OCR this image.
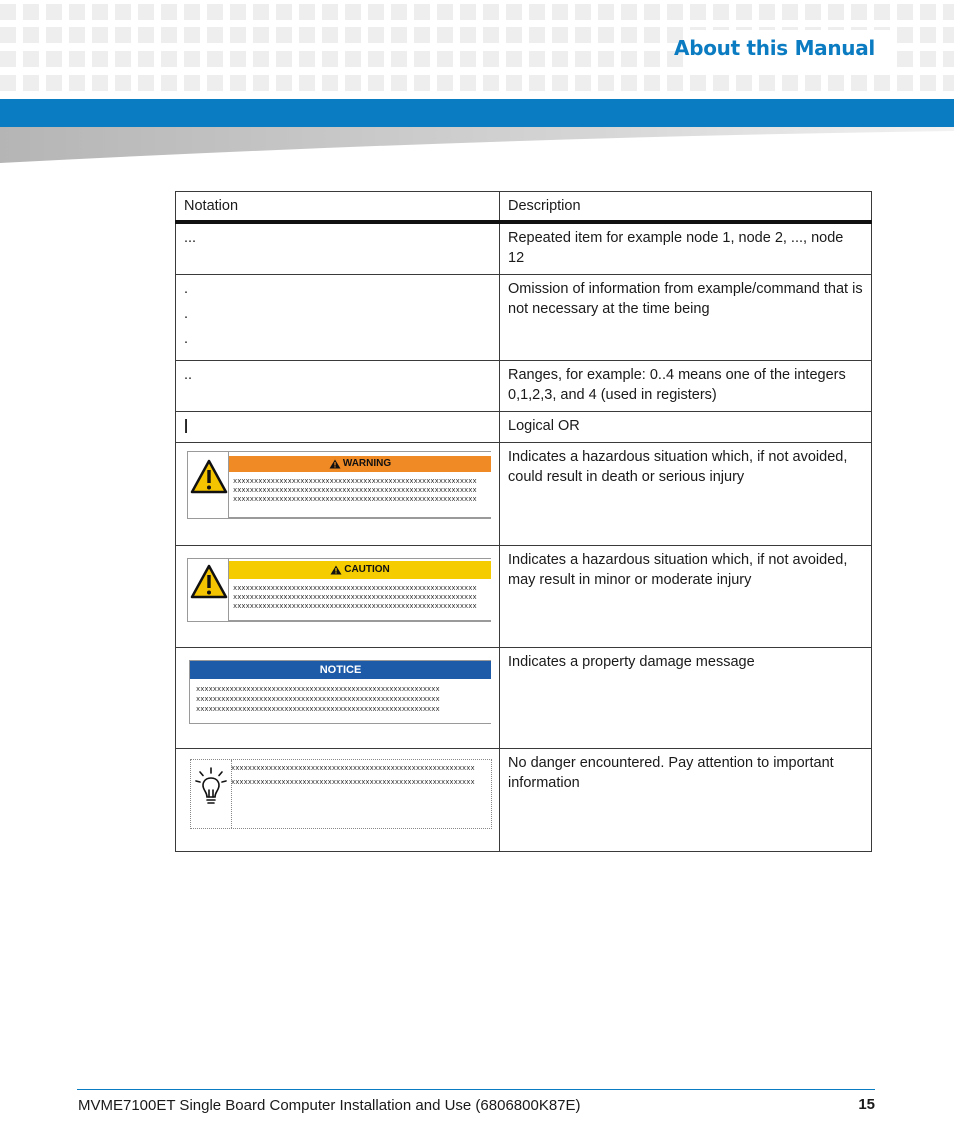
About this Manual
Notation	Description
...	Repeated item for example node 1, node 2, ..., node 12

.
.
.	Omission of information from example/command that is not necessary at the time being
..	Ranges, for example: 0..4 means one of the integers 0,1,2,3, and 4 (used in registers)
|	Logical OR

WARNING
xxxxxxxxxxxxxxxxxxxxxxxxxxxxxxxxxxxxxxxxxxxxxxxxxxxxxxxxxx
xxxxxxxxxxxxxxxxxxxxxxxxxxxxxxxxxxxxxxxxxxxxxxxxxxxxxxxxxx
xxxxxxxxxxxxxxxxxxxxxxxxxxxxxxxxxxxxxxxxxxxxxxxxxxxxxxxxxx	Indicates a hazardous situation which, if not avoided, could result in death or serious injury

CAUTION
xxxxxxxxxxxxxxxxxxxxxxxxxxxxxxxxxxxxxxxxxxxxxxxxxxxxxxxxxx
xxxxxxxxxxxxxxxxxxxxxxxxxxxxxxxxxxxxxxxxxxxxxxxxxxxxxxxxxx
xxxxxxxxxxxxxxxxxxxxxxxxxxxxxxxxxxxxxxxxxxxxxxxxxxxxxxxxxx	Indicates a hazardous situation which, if not avoided, may result in minor or moderate injury

NOTICE
xxxxxxxxxxxxxxxxxxxxxxxxxxxxxxxxxxxxxxxxxxxxxxxxxxxxxxxxxx
xxxxxxxxxxxxxxxxxxxxxxxxxxxxxxxxxxxxxxxxxxxxxxxxxxxxxxxxxx
xxxxxxxxxxxxxxxxxxxxxxxxxxxxxxxxxxxxxxxxxxxxxxxxxxxxxxxxxx	Indicates a property damage message

xxxxxxxxxxxxxxxxxxxxxxxxxxxxxxxxxxxxxxxxxxxxxxxxxxxxxxxxxx
xxxxxxxxxxxxxxxxxxxxxxxxxxxxxxxxxxxxxxxxxxxxxxxxxxxxxxxxxx	No danger encountered. Pay attention to important information
MVME7100ET Single Board Computer Installation and Use (6806800K87E)	15
